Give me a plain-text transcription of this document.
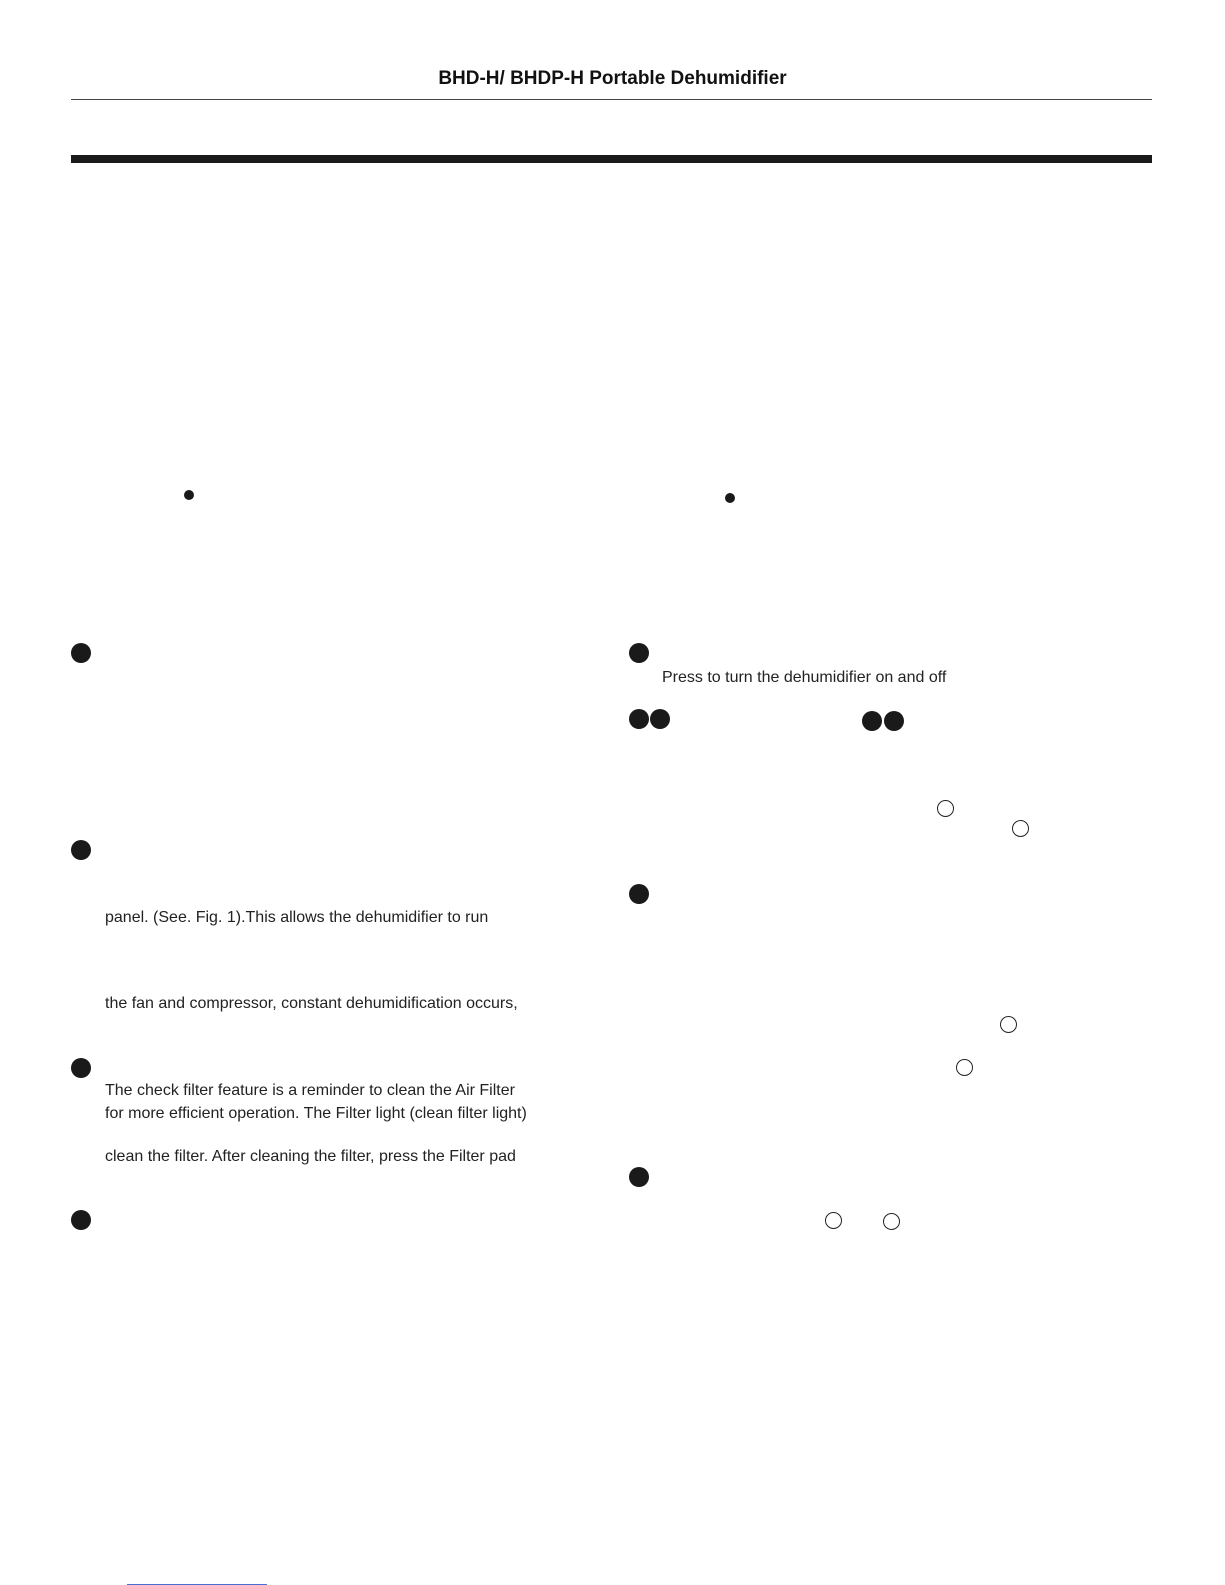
BHD-H/ BHDP-H Portable Dehumidifier
panel. (See. Fig. 1).This allows the dehumidifier to run
the fan and compressor, constant dehumidification occurs,
The check filter feature is a reminder to clean the Air Filter
for more efficient operation. The Filter light (clean filter light)
clean the filter. After cleaning the filter, press the Filter pad
Press to turn the dehumidifier on and off
